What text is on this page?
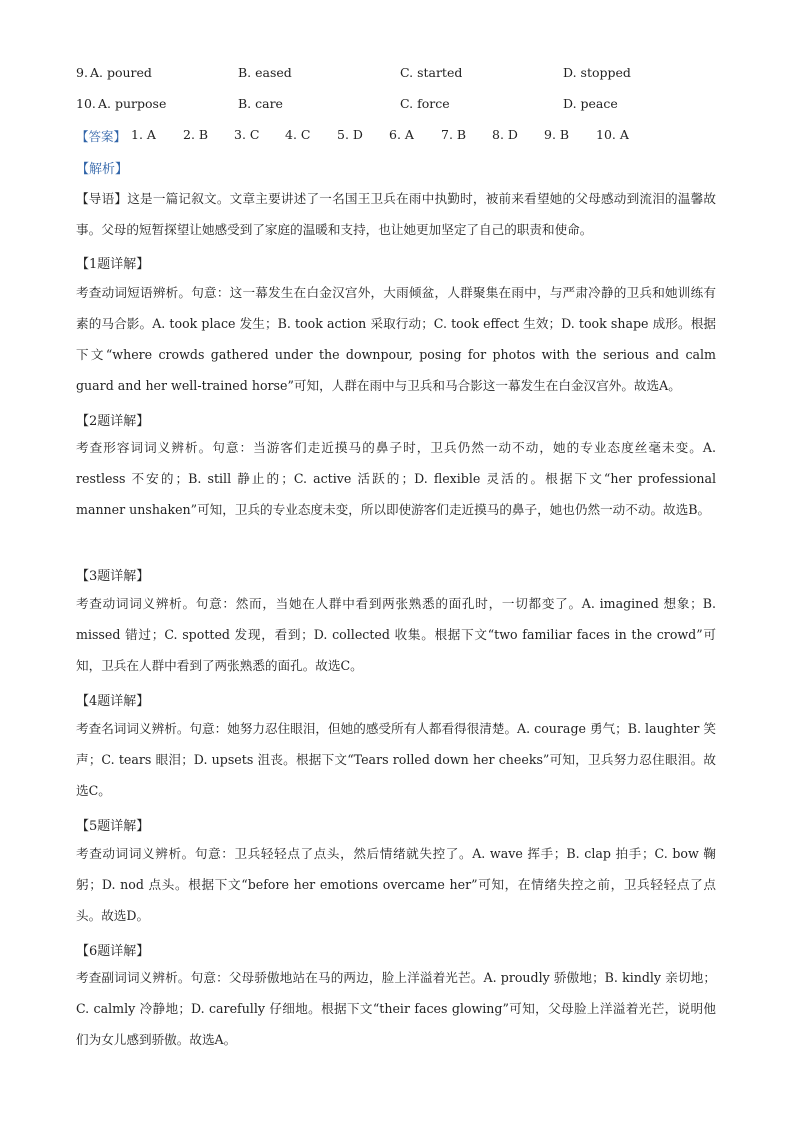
9. A. poured	B. eased	C. started	D. stopped
10. A. purpose	B. care	C. force	D. peace
【答案】 1. A 2. B 3. C 4. C 5. D 6. A 7. B 8. D 9. B 10. A
【解析】
【导语】这是一篇记叙文。文章主要讲述了一名国王卫兵在雨中执勤时，被前来看望她的父母感动到流泪的温馨故事。父母的短暂探望让她感受到了家庭的温暖和支持，也让她更加坚定了自己的职责和使命。
【1题详解】
考查动词短语辨析。句意：这一幕发生在白金汉宫外，大雨倾盆，人群聚集在雨中，与严肃冷静的卫兵和她训练有素的马合影。A. took place 发生；B. took action 采取行动；C. took effect 生效；D. took shape 成形。根据下文“where crowds gathered under the downpour, posing for photos with the serious and calm guard and her well-trained horse”可知，人群在雨中与卫兵和马合影这一幕发生在白金汉宫外。故选A。
【2题详解】
考查形容词词义辨析。句意：当游客们走近摸马的鼻子时，卫兵仍然一动不动，她的专业态度丝毫未变。A. restless 不安的；B. still 静止的；C. active 活跃的；D. flexible 灵活的。根据下文“her professional manner unshaken”可知，卫兵的专业态度未变，所以即使游客们走近摸马的鼻子，她也仍然一动不动。故选B。
【3题详解】
考查动词词义辨析。句意：然而，当她在人群中看到两张熟悉的面孔时，一切都变了。A. imagined 想象；B. missed 错过；C. spotted 发现，看到；D. collected 收集。根据下文“two familiar faces in the crowd”可知，卫兵在人群中看到了两张熟悉的面孔。故选C。
【4题详解】
考查名词词义辨析。句意：她努力忍住眼泪，但她的感受所有人都看得很清楚。A. courage 勇气；B. laughter 笑声；C. tears 眼泪；D. upsets 沮丧。根据下文“Tears rolled down her cheeks”可知，卫兵努力忍住眼泪。故选C。
【5题详解】
考查动词词义辨析。句意：卫兵轻轻点了点头，然后情绪就失控了。A. wave 挥手；B. clap 拍手；C. bow 鞠躬；D. nod 点头。根据下文“before her emotions overcame her”可知，在情绪失控之前，卫兵轻轻点了点头。故选D。
【6题详解】
考查副词词义辨析。句意：父母骄傲地站在马的两边，脸上洋溢着光芒。A. proudly 骄傲地；B. kindly 亲切地；C. calmly 冷静地；D. carefully 仔细地。根据下文“their faces glowing”可知，父母脸上洋溢着光芒，说明他们为女儿感到骄傲。故选A。
